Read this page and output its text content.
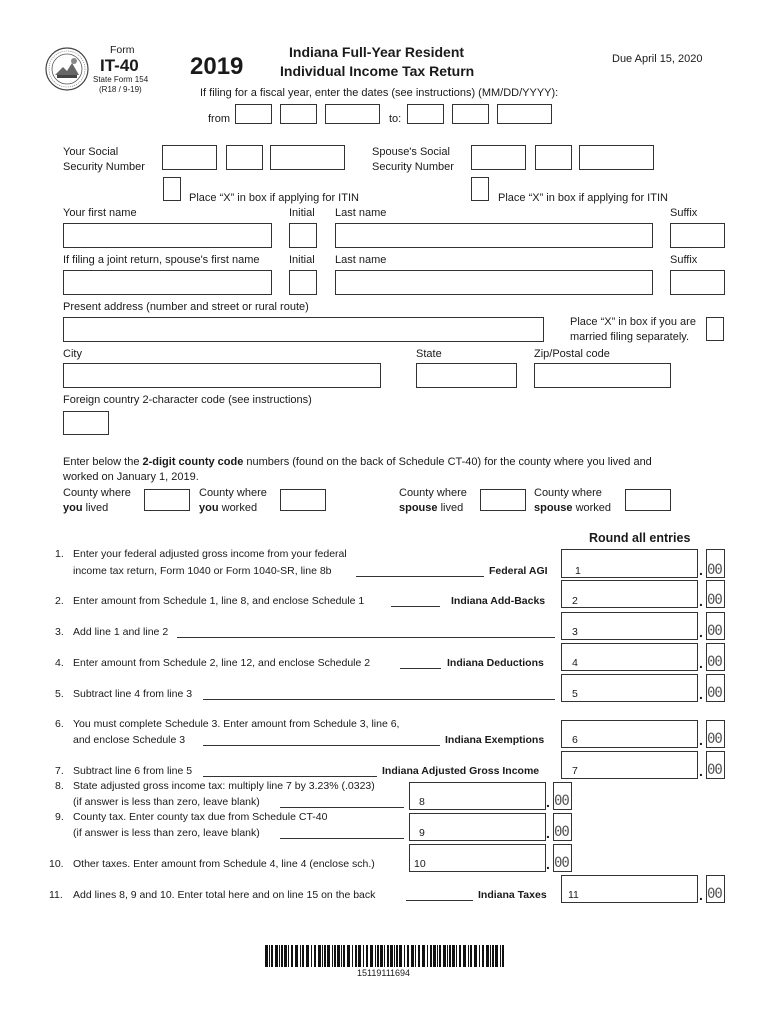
Form
IT-40
State Form 154
(R18 / 9-19)
2019
Indiana Full-Year Resident
Individual Income Tax Return
Due April 15, 2020
If filing for a fiscal year, enter the dates (see instructions) (MM/DD/YYYY):
from	to:
Your Social
Security Number
Spouse's Social
Security Number
Place “X” in box if applying for ITIN	Place “X” in box if applying for ITIN
Your first name	Initial Last name	Suffix
If filing a joint return, spouse's first name	Initial Last name	Suffix
Present address (number and street or rural route)
Place “X” in box if you are
married filing separately.
City	State	Zip/Postal code
Foreign country 2-character code (see instructions)
Enter below the 2-digit county code numbers (found on the back of Schedule CT-40) for the county where you lived and
worked on January 1, 2019.
County where
you lived
County where
you worked
County where
spouse lived
County where
spouse worked
Round all entries
1. Enter your federal adjusted gross income from your federal
income tax return, Form 1040 or Form 1040-SR, line 8b	Federal AGI	1	. 00
2. Enter amount from Schedule 1, line 8, and enclose Schedule 1	Indiana Add-Backs	2	. 00
3. Add line 1 and line 2	3	. 00
4. Enter amount from Schedule 2, line 12, and enclose Schedule 2	Indiana Deductions	4	. 00
5. Subtract line 4 from line 3	5	. 00
6. You must complete Schedule 3. Enter amount from Schedule 3, line 6,
and enclose Schedule 3	Indiana Exemptions	6	. 00
7. Subtract line 6 from line 5	Indiana Adjusted Gross Income	7	. 00
8. State adjusted gross income tax: multiply line 7 by 3.23% (.0323)
(if answer is less than zero, leave blank)	8	. 00
9. County tax. Enter county tax due from Schedule CT-40
(if answer is less than zero, leave blank)	9	. 00
10. Other taxes. Enter amount from Schedule 4, line 4 (enclose sch.)	10	. 00
11. Add lines 8, 9 and 10. Enter total here and on line 15 on the back	Indiana Taxes 11	. 00
15119111694
